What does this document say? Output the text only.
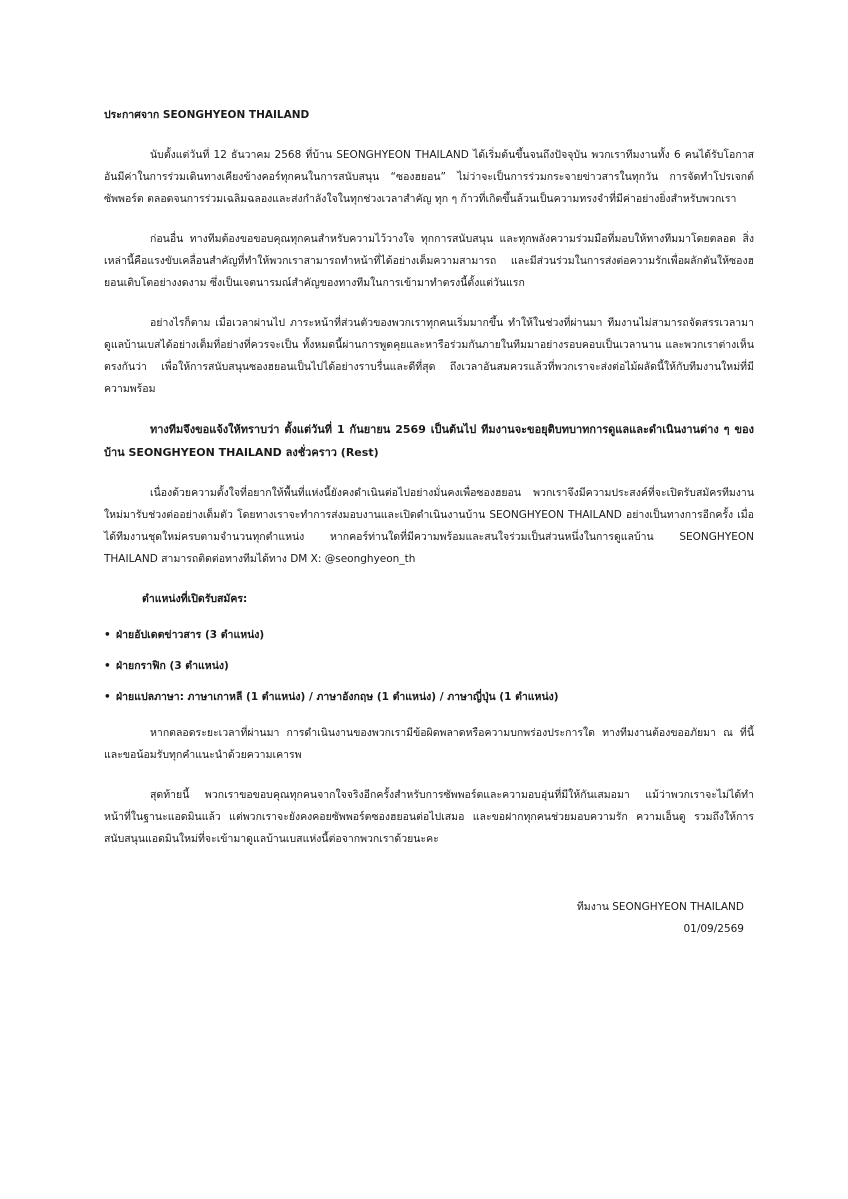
ประกาศจาก SEONGHYEON THAILAND

นับตั้งแต่วันที่ 12 ธันวาคม 2568 ที่บ้าน SEONGHYEON THAILAND ได้เริ่มต้นขึ้นจนถึงปัจจุบัน พวกเราทีมงานทั้ง 6 คนได้รับโอกาสอันมีค่าในการร่วมเดินทางเคียงข้างคอร์ทุกคนในการสนับสนุน “ซองฮยอน” ไม่ว่าจะเป็นการร่วมกระจายข่าวสารในทุกวัน การจัดทำโปรเจกต์ซัพพอร์ต ตลอดจนการร่วมเฉลิมฉลองและส่งกำลังใจในทุกช่วงเวลาสำคัญ ทุก ๆ ก้าวที่เกิดขึ้นล้วนเป็นความทรงจำที่มีค่าอย่างยิ่งสำหรับพวกเรา

ก่อนอื่น ทางทีมต้องขอขอบคุณทุกคนสำหรับความไว้วางใจ ทุกการสนับสนุน และทุกพลังความร่วมมือที่มอบให้ทางทีมมาโดยตลอด สิ่งเหล่านี้คือแรงขับเคลื่อนสำคัญที่ทำให้พวกเราสามารถทำหน้าที่ได้อย่างเต็มความสามารถ และมีส่วนร่วมในการส่งต่อความรักเพื่อผลักดันให้ซองฮยอนเติบโตอย่างงดงาม ซึ่งเป็นเจตนารมณ์สำคัญของทางทีมในการเข้ามาทำตรงนี้ตั้งแต่วันแรก

อย่างไรก็ตาม เมื่อเวลาผ่านไป ภาระหน้าที่ส่วนตัวของพวกเราทุกคนเริ่มมากขึ้น ทำให้ในช่วงที่ผ่านมา ทีมงานไม่สามารถจัดสรรเวลามาดูแลบ้านเบสได้อย่างเต็มที่อย่างที่ควรจะเป็น ทั้งหมดนี้ผ่านการพูดคุยและหารือร่วมกันภายในทีมมาอย่างรอบคอบเป็นเวลานาน และพวกเราต่างเห็นตรงกันว่า เพื่อให้การสนับสนุนซองฮยอนเป็นไปได้อย่างราบรื่นและดีที่สุด ถึงเวลาอันสมควรแล้วที่พวกเราจะส่งต่อไม้ผลัดนี้ให้กับทีมงานใหม่ที่มีความพร้อม

ทางทีมจึงขอแจ้งให้ทราบว่า ตั้งแต่วันที่ 1 กันยายน 2569 เป็นต้นไป ทีมงานจะขอยุติบทบาทการดูแลและดำเนินงานต่าง ๆ ของบ้าน SEONGHYEON THAILAND ลงชั่วคราว (Rest)

เนื่องด้วยความตั้งใจที่อยากให้พื้นที่แห่งนี้ยังคงดำเนินต่อไปอย่างมั่นคงเพื่อซองฮยอน พวกเราจึงมีความประสงค์ที่จะเปิดรับสมัครทีมงานใหม่มารับช่วงต่ออย่างเต็มตัว โดยทางเราจะทำการส่งมอบงานและเปิดดำเนินงานบ้าน SEONGHYEON THAILAND อย่างเป็นทางการอีกครั้ง เมื่อได้ทีมงานชุดใหม่ครบตามจำนวนทุกตำแหน่ง หากคอร์ท่านใดที่มีความพร้อมและสนใจร่วมเป็นส่วนหนึ่งในการดูแลบ้าน SEONGHYEON THAILAND สามารถติดต่อทางทีมได้ทาง DM X: @seonghyeon_th

ตำแหน่งที่เปิดรับสมัคร:

• ฝ่ายอัปเดตข่าวสาร (3 ตำแหน่ง)
• ฝ่ายกราฟิก (3 ตำแหน่ง)
• ฝ่ายแปลภาษา: ภาษาเกาหลี (1 ตำแหน่ง) / ภาษาอังกฤษ (1 ตำแหน่ง) / ภาษาญี่ปุ่น (1 ตำแหน่ง)

หากตลอดระยะเวลาที่ผ่านมา การดำเนินงานของพวกเรามีข้อผิดพลาดหรือความบกพร่องประการใด ทางทีมงานต้องขออภัยมา ณ ที่นี้ และขอน้อมรับทุกคำแนะนำด้วยความเคารพ

สุดท้ายนี้ พวกเราขอขอบคุณทุกคนจากใจจริงอีกครั้งสำหรับการซัพพอร์ตและความอบอุ่นที่มีให้กันเสมอมา แม้ว่าพวกเราจะไม่ได้ทำหน้าที่ในฐานะแอดมินแล้ว แต่พวกเราจะยังคงคอยซัพพอร์ตซองฮยอนต่อไปเสมอ และขอฝากทุกคนช่วยมอบความรัก ความเอ็นดู รวมถึงให้การสนับสนุนแอดมินใหม่ที่จะเข้ามาดูแลบ้านเบสแห่งนี้ต่อจากพวกเราด้วยนะคะ

ทีมงาน SEONGHYEON THAILAND
01/09/2569
